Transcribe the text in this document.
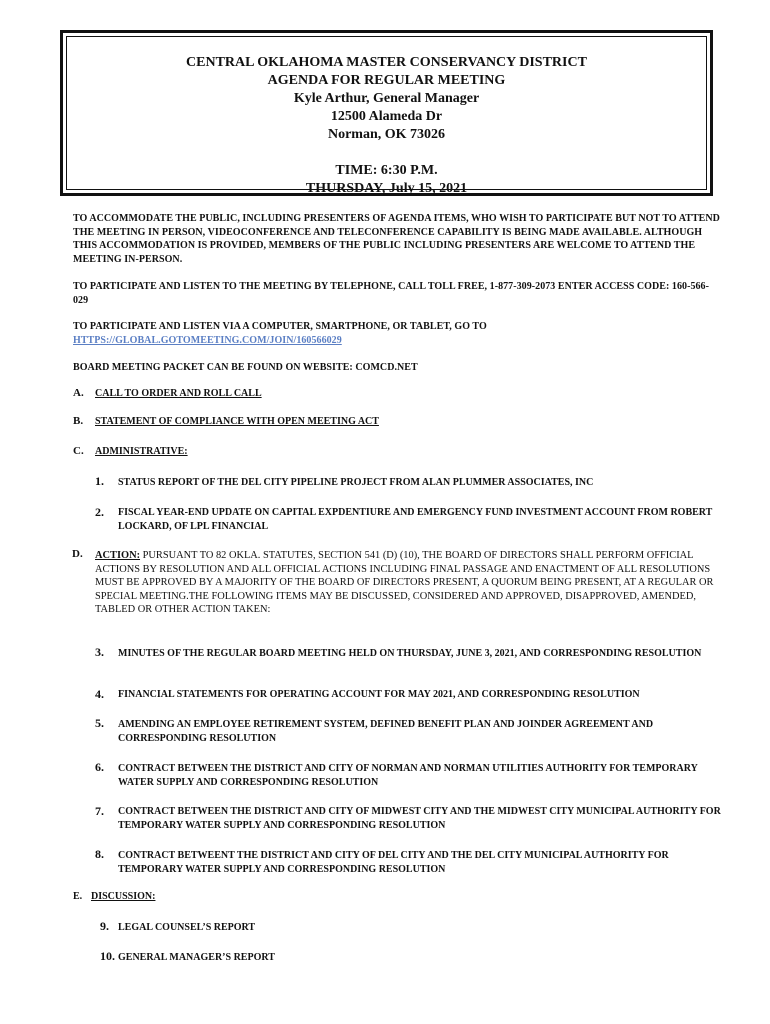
CENTRAL OKLAHOMA MASTER CONSERVANCY DISTRICT
AGENDA FOR REGULAR MEETING
Kyle Arthur, General Manager
12500 Alameda Dr
Norman, OK 73026
TIME: 6:30 P.M.
THURSDAY, July 15, 2021
TO ACCOMMODATE THE PUBLIC, INCLUDING PRESENTERS OF AGENDA ITEMS, WHO WISH TO PARTICIPATE BUT NOT TO ATTEND THE MEETING IN PERSON, VIDEOCONFERENCE AND TELECONFERENCE CAPABILITY IS BEING MADE AVAILABLE. ALTHOUGH THIS ACCOMMODATION IS PROVIDED, MEMBERS OF THE PUBLIC INCLUDING PRESENTERS ARE WELCOME TO ATTEND THE MEETING IN-PERSON.
TO PARTICIPATE AND LISTEN TO THE MEETING BY TELEPHONE, CALL TOLL FREE, 1-877-309-2073 ENTER ACCESS CODE: 160-566-029
TO PARTICIPATE AND LISTEN VIA A COMPUTER, SMARTPHONE, OR TABLET, GO TO
HTTPS://GLOBAL.GOTOMEETING.COM/JOIN/160566029
BOARD MEETING PACKET CAN BE FOUND ON WEBSITE: COMCD.NET
A. CALL TO ORDER AND ROLL CALL
B. STATEMENT OF COMPLIANCE WITH OPEN MEETING ACT
C. ADMINISTRATIVE:
1. STATUS REPORT OF THE DEL CITY PIPELINE PROJECT FROM ALAN PLUMMER ASSOCIATES, INC
2. FISCAL YEAR-END UPDATE ON CAPITAL EXPDENTIURE AND EMERGENCY FUND INVESTMENT ACCOUNT FROM ROBERT LOCKARD, OF LPL FINANCIAL
D. ACTION: PURSUANT TO 82 OKLA. STATUTES, SECTION 541 (D) (10), THE BOARD OF DIRECTORS SHALL PERFORM OFFICIAL ACTIONS BY RESOLUTION AND ALL OFFICIAL ACTIONS INCLUDING FINAL PASSAGE AND ENACTMENT OF ALL RESOLUTIONS MUST BE APPROVED BY A MAJORITY OF THE BOARD OF DIRECTORS PRESENT, A QUORUM BEING PRESENT, AT A REGULAR OR SPECIAL MEETING.THE FOLLOWING ITEMS MAY BE DISCUSSED, CONSIDERED AND APPROVED, DISAPPROVED, AMENDED, TABLED OR OTHER ACTION TAKEN:
3. MINUTES OF THE REGULAR BOARD MEETING HELD ON THURSDAY, JUNE 3, 2021, AND CORRESPONDING RESOLUTION
4. FINANCIAL STATEMENTS FOR OPERATING ACCOUNT FOR MAY 2021, AND CORRESPONDING RESOLUTION
5. AMENDING AN EMPLOYEE RETIREMENT SYSTEM, DEFINED BENEFIT PLAN AND JOINDER AGREEMENT AND CORRESPONDING RESOLUTION
6. CONTRACT BETWEEN THE DISTRICT AND CITY OF NORMAN AND NORMAN UTILITIES AUTHORITY FOR TEMPORARY WATER SUPPLY AND CORRESPONDING RESOLUTION
7. CONTRACT BETWEEN THE DISTRICT AND CITY OF MIDWEST CITY AND THE MIDWEST CITY MUNICIPAL AUTHORITY FOR TEMPORARY WATER SUPPLY AND CORRESPONDING RESOLUTION
8. CONTRACT BETWEENT THE DISTRICT AND CITY OF DEL CITY AND THE DEL CITY MUNICIPAL AUTHORITY FOR TEMPORARY WATER SUPPLY AND CORRESPONDING RESOLUTION
E. DISCUSSION:
9. LEGAL COUNSEL’S REPORT
10. GENERAL MANAGER’S REPORT
